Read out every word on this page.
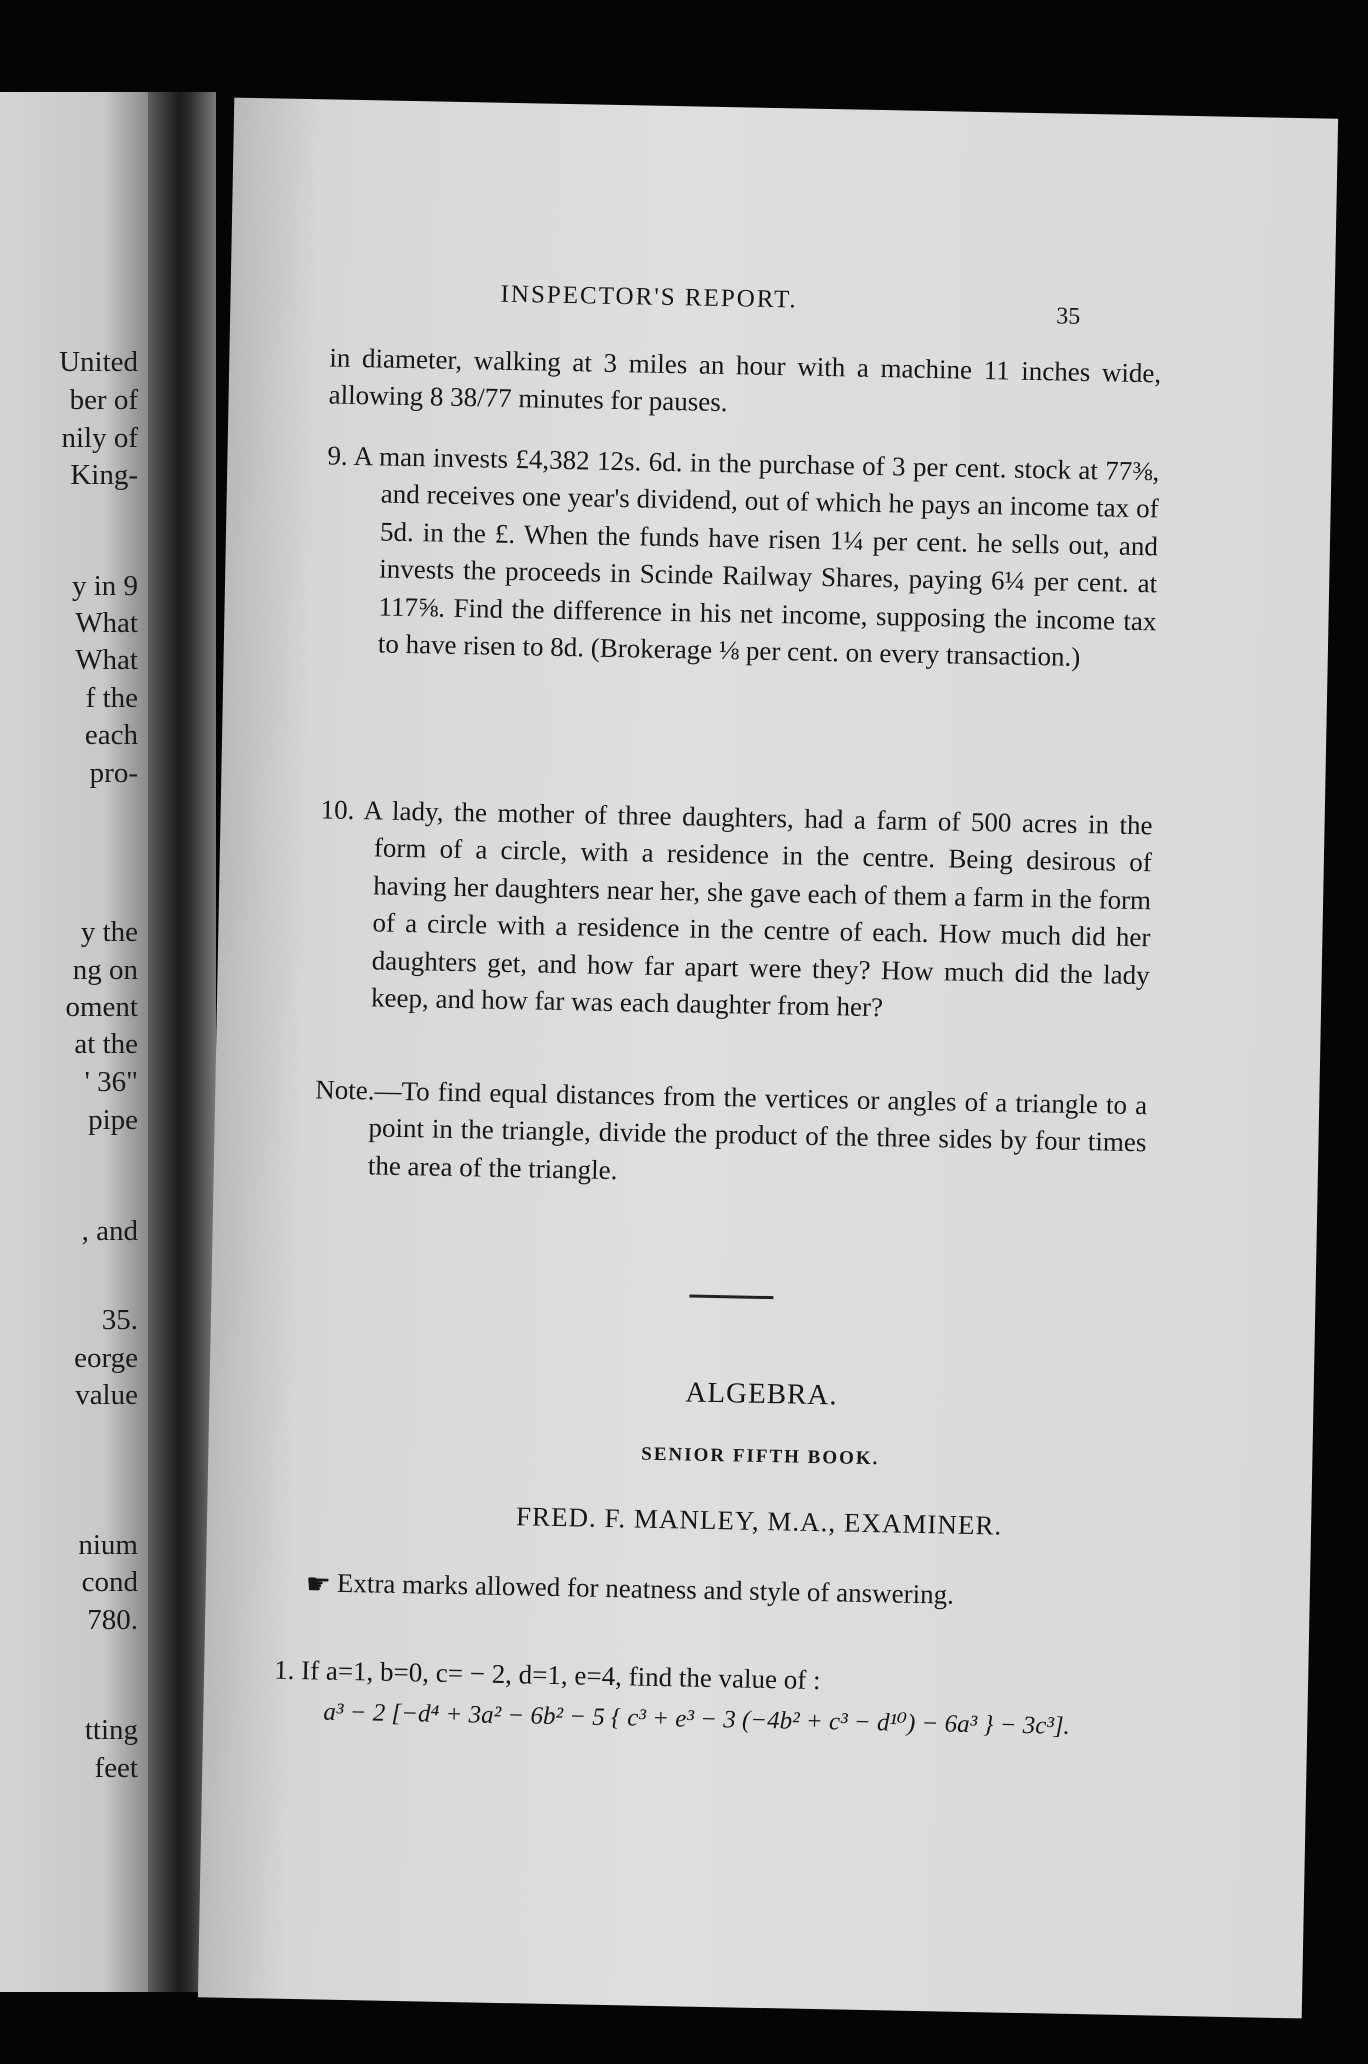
United
ber of
nily of
King-
y in 9
What
What
f the
each
pro-
y the
ng on
oment
at the
' 36"
pipe
, and
35.
eorge
value
nium
cond
780.
tting
feet
INSPECTOR'S REPORT.
35
in diameter, walking at 3 miles an hour with a machine 11 inches wide, allowing 8 38/77 minutes for pauses.
9. A man invests £4,382 12s. 6d. in the purchase of 3 per cent. stock at 77⅜, and receives one year's dividend, out of which he pays an income tax of 5d. in the £. When the funds have risen 1¼ per cent. he sells out, and invests the proceeds in Scinde Railway Shares, paying 6¼ per cent. at 117⅝. Find the difference in his net income, supposing the income tax to have risen to 8d. (Brokerage ⅛ per cent. on every transaction.)
10. A lady, the mother of three daughters, had a farm of 500 acres in the form of a circle, with a residence in the centre. Being desirous of having her daughters near her, she gave each of them a farm in the form of a circle with a residence in the centre of each. How much did her daughters get, and how far apart were they? How much did the lady keep, and how far was each daughter from her?
Note.—To find equal distances from the vertices or angles of a triangle to a point in the triangle, divide the product of the three sides by four times the area of the triangle.
ALGEBRA.
SENIOR FIFTH BOOK.
FRED. F. MANLEY, M.A., EXAMINER.
☛ Extra marks allowed for neatness and style of answering.
1. If a=1, b=0, c= − 2, d=1, e=4, find the value of :
a³ − 2 [−d⁴ + 3a² − 6b² − 5 { c³ + e³ − 3 (−4b² + c³ − d¹⁰) − 6a³ } − 3c³].
